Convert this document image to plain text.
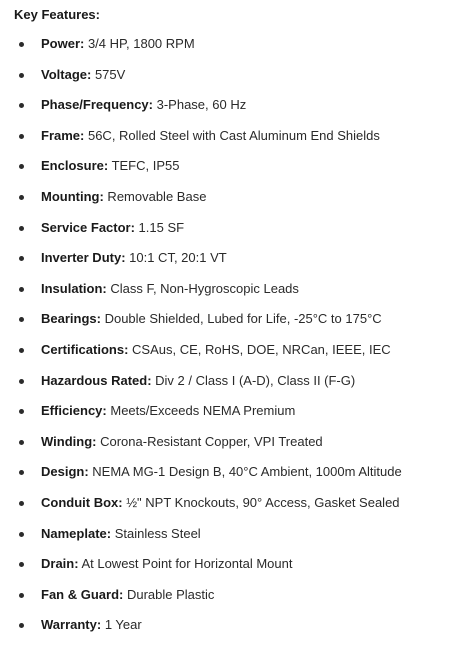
Key Features:
Power: 3/4 HP, 1800 RPM
Voltage: 575V
Phase/Frequency: 3-Phase, 60 Hz
Frame: 56C, Rolled Steel with Cast Aluminum End Shields
Enclosure: TEFC, IP55
Mounting: Removable Base
Service Factor: 1.15 SF
Inverter Duty: 10:1 CT, 20:1 VT
Insulation: Class F, Non-Hygroscopic Leads
Bearings: Double Shielded, Lubed for Life, -25°C to 175°C
Certifications: CSAus, CE, RoHS, DOE, NRCan, IEEE, IEC
Hazardous Rated: Div 2 / Class I (A-D), Class II (F-G)
Efficiency: Meets/Exceeds NEMA Premium
Winding: Corona-Resistant Copper, VPI Treated
Design: NEMA MG-1 Design B, 40°C Ambient, 1000m Altitude
Conduit Box: ½" NPT Knockouts, 90° Access, Gasket Sealed
Nameplate: Stainless Steel
Drain: At Lowest Point for Horizontal Mount
Fan & Guard: Durable Plastic
Warranty: 1 Year
